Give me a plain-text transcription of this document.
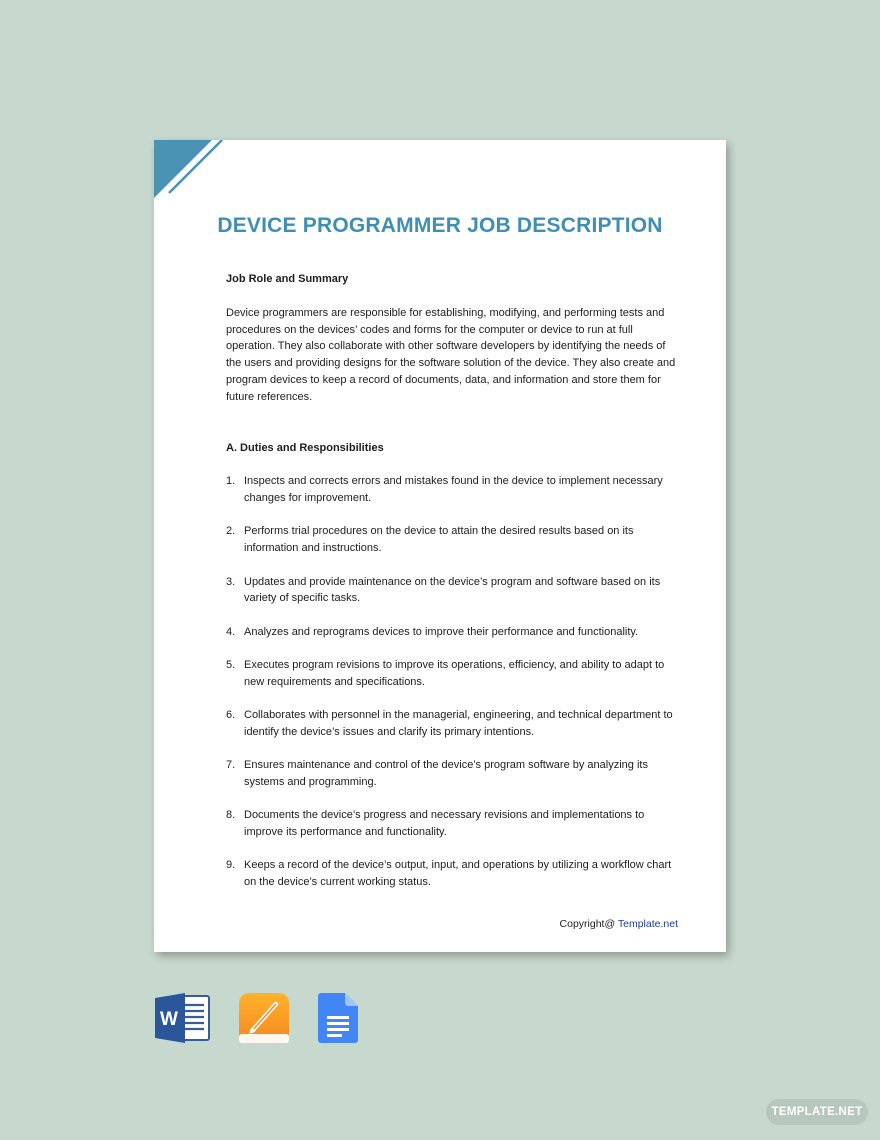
DEVICE PROGRAMMER JOB DESCRIPTION

Job Role and Summary

Device programmers are responsible for establishing, modifying, and performing tests and procedures on the devices’ codes and forms for the computer or device to run at full operation. They also collaborate with other software developers by identifying the needs of the users and providing designs for the software solution of the device. They also create and program devices to keep a record of documents, data, and information and store them for future references.

A. Duties and Responsibilities

1. Inspects and corrects errors and mistakes found in the device to implement necessary changes for improvement.
2. Performs trial procedures on the device to attain the desired results based on its information and instructions.
3. Updates and provide maintenance on the device’s program and software based on its variety of specific tasks.
4. Analyzes and reprograms devices to improve their performance and functionality.
5. Executes program revisions to improve its operations, efficiency, and ability to adapt to new requirements and specifications.
6. Collaborates with personnel in the managerial, engineering, and technical department to identify the device’s issues and clarify its primary intentions.
7. Ensures maintenance and control of the device’s program software by analyzing its systems and programming.
8. Documents the device’s progress and necessary revisions and implementations to improve its performance and functionality.
9. Keeps a record of the device’s output, input, and operations by utilizing a workflow chart on the device’s current working status.
Copyright@ Template.net
W
TEMPLATE.NET
